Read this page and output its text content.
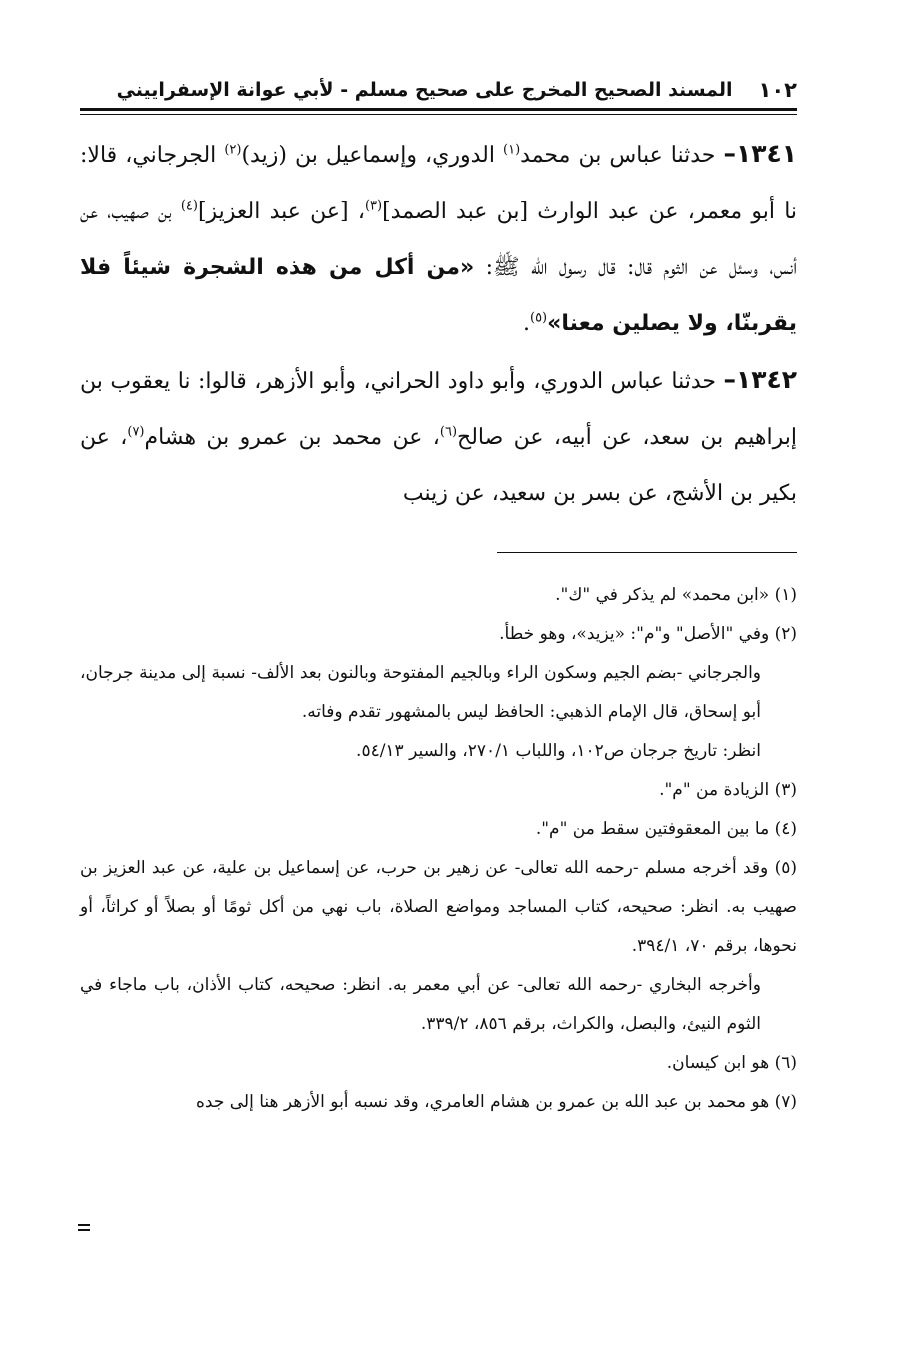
١٠٢
المسند الصحيح المخرج على صحيح مسلم - لأبي عوانة الإسفراييني

١٣٤١– حدثنا عباس بن محمد$^{(١)}$ الدوري، وإسماعيل بن (زيد)$^{(٢)}$ الجرجاني، قالا: نا أبو معمر، عن عبد الوارث [بن عبد الصمد]$^{(٣)}$، [عن عبد العزيز]$^{(٤)}$ بن صهيب، عن أنس، وسئل عن الثوم قال: قال رسول الله ﷺ: «من أكل من هذه الشجرة شيئاً فلا يقربنّا، ولا يصلين معنا»$^{(٥)}$.

١٣٤٢– حدثنا عباس الدوري، وأبو داود الحراني، وأبو الأزهر، قالوا: نا يعقوب بن إبراهيم بن سعد، عن أبيه، عن صالح$^{(٦)}$، عن محمد بن عمرو بن هشام$^{(٧)}$، عن بكير بن الأشج، عن بسر بن سعيد، عن زينب

(١) «ابن محمد» لم يذكر في "ك".

(٢) وفي "الأصل" و"م": «يزيد»، وهو خطأ.

والجرجاني -بضم الجيم وسكون الراء وبالجيم المفتوحة وبالنون بعد الألف- نسبة إلى مدينة جرجان، أبو إسحاق، قال الإمام الذهبي: الحافظ ليس بالمشهور تقدم وفاته.

انظر: تاريخ جرجان ص١٠٢، واللباب ٢٧٠/١، والسير ٥٤/١٣.

(٣) الزيادة من "م".

(٤) ما بين المعقوفتين سقط من "م".

(٥) وقد أخرجه مسلم -رحمه الله تعالى- عن زهير بن حرب، عن إسماعيل بن علية، عن عبد العزيز بن صهيب به. انظر: صحيحه، كتاب المساجد ومواضع الصلاة، باب نهي من أكل ثومًا أو بصلاً أو كراثاً، أو نحوها، برقم ٧٠، ٣٩٤/١.

وأخرجه البخاري -رحمه الله تعالى- عن أبي معمر به. انظر: صحيحه، كتاب الأذان، باب ماجاء في الثوم النيئ، والبصل، والكراث، برقم ٨٥٦، ٣٣٩/٢.

(٦) هو ابن كيسان.

(٧) هو محمد بن عبد الله بن عمرو بن هشام العامري، وقد نسبه أبو الأزهر هنا إلى جده
